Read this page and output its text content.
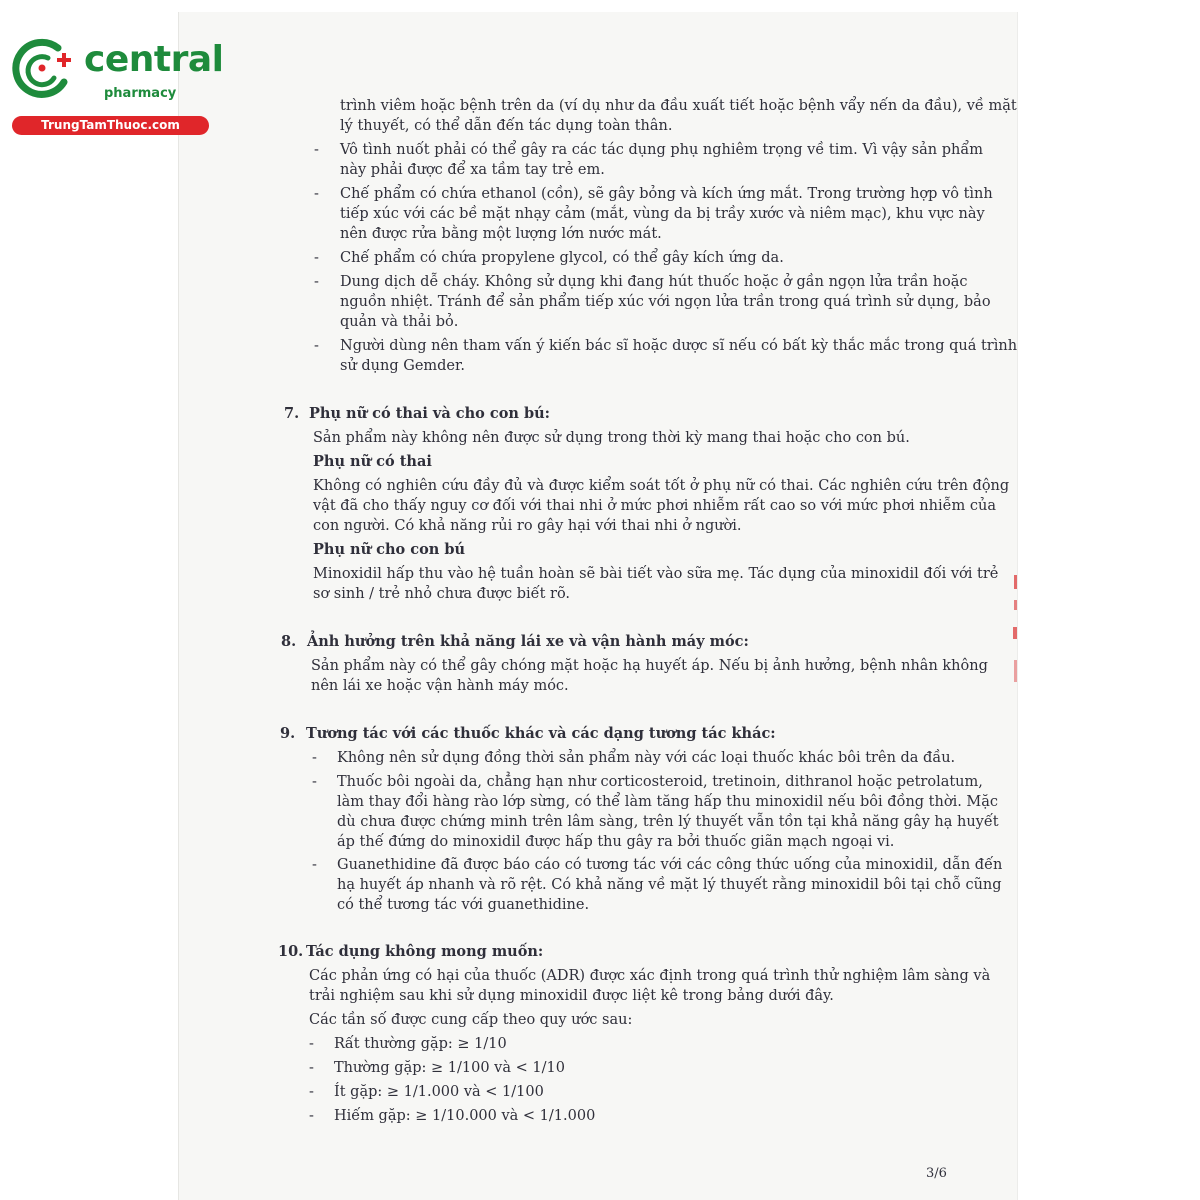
central
pharmacy
TrungTamThuoc.com
trình viêm hoặc bệnh trên da (ví dụ như da đầu xuất tiết hoặc bệnh vẩy nến da đầu), về mặt
lý thuyết, có thể dẫn đến tác dụng toàn thân.
- Vô tình nuốt phải có thể gây ra các tác dụng phụ nghiêm trọng về tim. Vì vậy sản phẩm
này phải được để xa tầm tay trẻ em.
- Chế phẩm có chứa ethanol (cồn), sẽ gây bỏng và kích ứng mắt. Trong trường hợp vô tình
tiếp xúc với các bề mặt nhạy cảm (mắt, vùng da bị trầy xước và niêm mạc), khu vực này
nên được rửa bằng một lượng lớn nước mát.
- Chế phẩm có chứa propylene glycol, có thể gây kích ứng da.
- Dung dịch dễ cháy. Không sử dụng khi đang hút thuốc hoặc ở gần ngọn lửa trần hoặc
nguồn nhiệt. Tránh để sản phẩm tiếp xúc với ngọn lửa trần trong quá trình sử dụng, bảo
quản và thải bỏ.
- Người dùng nên tham vấn ý kiến bác sĩ hoặc dược sĩ nếu có bất kỳ thắc mắc trong quá trình
sử dụng Gemder.
7. Phụ nữ có thai và cho con bú:
Sản phẩm này không nên được sử dụng trong thời kỳ mang thai hoặc cho con bú.
Phụ nữ có thai
Không có nghiên cứu đầy đủ và được kiểm soát tốt ở phụ nữ có thai. Các nghiên cứu trên động
vật đã cho thấy nguy cơ đối với thai nhi ở mức phơi nhiễm rất cao so với mức phơi nhiễm của
con người. Có khả năng rủi ro gây hại với thai nhi ở người.
Phụ nữ cho con bú
Minoxidil hấp thu vào hệ tuần hoàn sẽ bài tiết vào sữa mẹ. Tác dụng của minoxidil đối với trẻ
sơ sinh / trẻ nhỏ chưa được biết rõ.
8. Ảnh hưởng trên khả năng lái xe và vận hành máy móc:
Sản phẩm này có thể gây chóng mặt hoặc hạ huyết áp. Nếu bị ảnh hưởng, bệnh nhân không
nên lái xe hoặc vận hành máy móc.
9. Tương tác với các thuốc khác và các dạng tương tác khác:
- Không nên sử dụng đồng thời sản phẩm này với các loại thuốc khác bôi trên da đầu.
- Thuốc bôi ngoài da, chẳng hạn như corticosteroid, tretinoin, dithranol hoặc petrolatum,
làm thay đổi hàng rào lớp sừng, có thể làm tăng hấp thu minoxidil nếu bôi đồng thời. Mặc
dù chưa được chứng minh trên lâm sàng, trên lý thuyết vẫn tồn tại khả năng gây hạ huyết
áp thế đứng do minoxidil được hấp thu gây ra bởi thuốc giãn mạch ngoại vi.
- Guanethidine đã được báo cáo có tương tác với các công thức uống của minoxidil, dẫn đến
hạ huyết áp nhanh và rõ rệt. Có khả năng về mặt lý thuyết rằng minoxidil bôi tại chỗ cũng
có thể tương tác với guanethidine.
10. Tác dụng không mong muốn:
Các phản ứng có hại của thuốc (ADR) được xác định trong quá trình thử nghiệm lâm sàng và
trải nghiệm sau khi sử dụng minoxidil được liệt kê trong bảng dưới đây.
Các tần số được cung cấp theo quy ước sau:
- Rất thường gặp: ≥ 1/10
- Thường gặp: ≥ 1/100 và < 1/10
- Ít gặp: ≥ 1/1.000 và < 1/100
- Hiếm gặp: ≥ 1/10.000 và < 1/1.000
3/6
